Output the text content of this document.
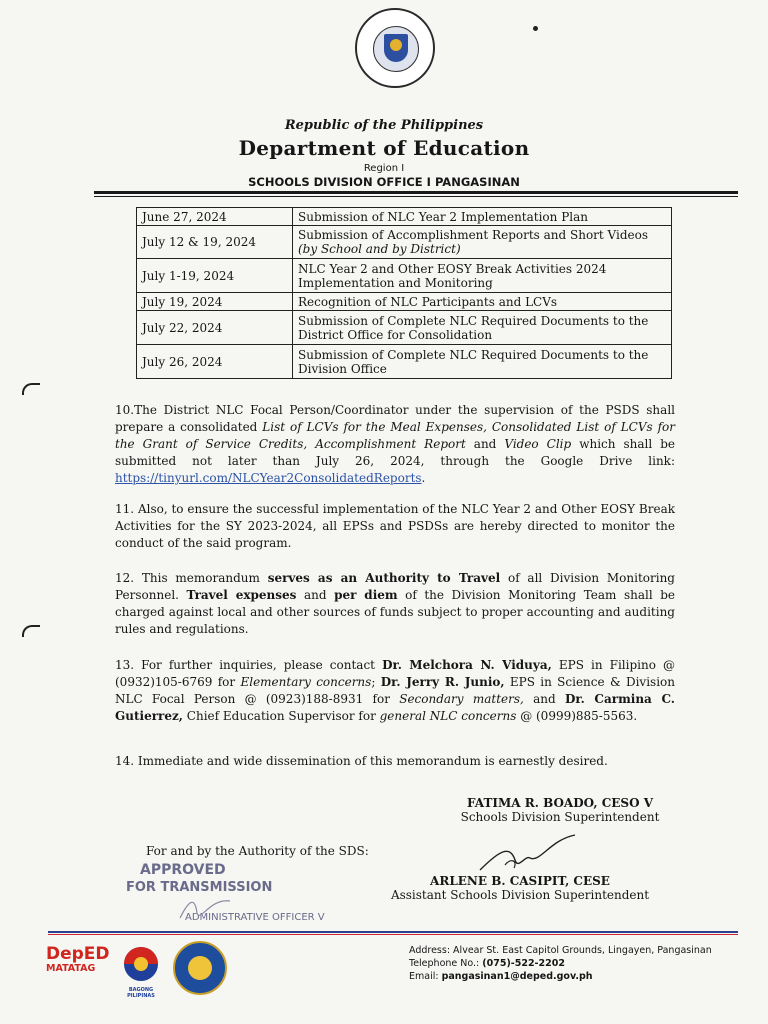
Republic of the Philippines
Department of Education
Region I
SCHOOLS DIVISION OFFICE I PANGASINAN
June 27, 2024	Submission of NLC Year 2 Implementation Plan
July 12 & 19, 2024	Submission of Accomplishment Reports and Short Videos (by School and by District)
July 1-19, 2024	NLC Year 2 and Other EOSY Break Activities 2024 Implementation and Monitoring
July 19, 2024	Recognition of NLC Participants and LCVs
July 22, 2024	Submission of Complete NLC Required Documents to the District Office for Consolidation
July 26, 2024	Submission of Complete NLC Required Documents to the Division Office
10.The District NLC Focal Person/Coordinator under the supervision of the PSDS shall prepare a consolidated List of LCVs for the Meal Expenses, Consolidated List of LCVs for the Grant of Service Credits, Accomplishment Report and Video Clip which shall be submitted not later than July 26, 2024, through the Google Drive link: https://tinyurl.com/NLCYear2ConsolidatedReports.
11. Also, to ensure the successful implementation of the NLC Year 2 and Other EOSY Break Activities for the SY 2023-2024, all EPSs and PSDSs are hereby directed to monitor the conduct of the said program.
12. This memorandum serves as an Authority to Travel of all Division Monitoring Personnel. Travel expenses and per diem of the Division Monitoring Team shall be charged against local and other sources of funds subject to proper accounting and auditing rules and regulations.
13. For further inquiries, please contact Dr. Melchora N. Viduya, EPS in Filipino @ (0932)105-6769 for Elementary concerns; Dr. Jerry R. Junio, EPS in Science & Division NLC Focal Person @ (0923)188-8931 for Secondary matters, and Dr. Carmina C. Gutierrez, Chief Education Supervisor for general NLC concerns @ (0999)885-5563.
14. Immediate and wide dissemination of this memorandum is earnestly desired.
FATIMA R. BOADO, CESO V
Schools Division Superintendent
For and by the Authority of the SDS:
APPROVED
FOR TRANSMISSION
ADMINISTRATIVE OFFICER V
ARLENE B. CASIPIT, CESE
Assistant Schools Division Superintendent
DepED
MATATAG
BAGONG PILIPINAS
Address: Alvear St. East Capitol Grounds, Lingayen, Pangasinan
Telephone No.: (075)-522-2202
Email: pangasinan1@deped.gov.ph
